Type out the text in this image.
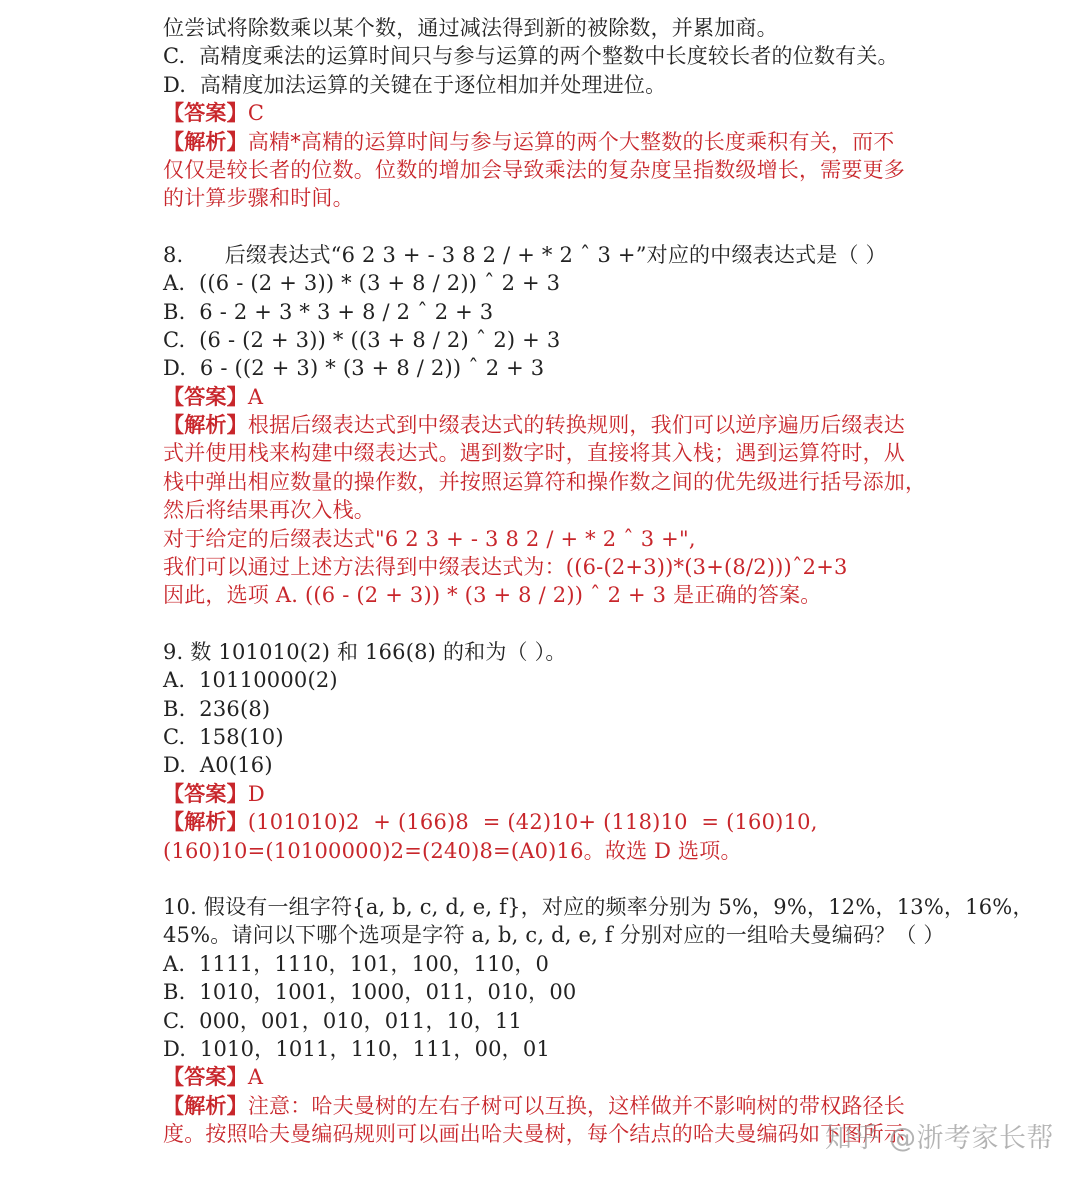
位尝试将除数乘以某个数，通过减法得到新的被除数，并累加商。
C.  高精度乘法的运算时间只与参与运算的两个整数中长度较长者的位数有关。
D.  高精度加法运算的关键在于逐位相加并处理进位。
【答案】C
【解析】高精*高精的运算时间与参与运算的两个大整数的长度乘积有关，而不
仅仅是较长者的位数。位数的增加会导致乘法的复杂度呈指数级增长，需要更多
的计算步骤和时间。
8.      后缀表达式“6 2 3 + - 3 8 2 / + * 2 ˆ 3 +”对应的中缀表达式是（ ）
A.  ((6 - (2 + 3)) * (3 + 8 / 2)) ˆ 2 + 3
B.  6 - 2 + 3 * 3 + 8 / 2 ˆ 2 + 3
C.  (6 - (2 + 3)) * ((3 + 8 / 2) ˆ 2) + 3
D.  6 - ((2 + 3) * (3 + 8 / 2)) ˆ 2 + 3
【答案】A
【解析】根据后缀表达式到中缀表达式的转换规则，我们可以逆序遍历后缀表达
式并使用栈来构建中缀表达式。遇到数字时，直接将其入栈；遇到运算符时，从
栈中弹出相应数量的操作数，并按照运算符和操作数之间的优先级进行括号添加，
然后将结果再次入栈。
对于给定的后缀表达式"6 2 3 + - 3 8 2 / + * 2 ˆ 3 +",
我们可以通过上述方法得到中缀表达式为：((6-(2+3))*(3+(8/2)))ˆ2+3
因此，选项 A. ((6 - (2 + 3)) * (3 + 8 / 2)) ˆ 2 + 3 是正确的答案。
9. 数 101010(2) 和 166(8) 的和为（ ）。
A.  10110000(2)
B.  236(8)
C.  158(10)
D.  A0(16)
【答案】D
【解析】(101010)2  + (166)8  = (42)10+ (118)10  = (160)10,
(160)10=(10100000)2=(240)8=(A0)16。故选 D 选项。
10. 假设有一组字符{a, b, c, d, e, f}，对应的频率分别为 5%，9%，12%，13%，16%，
45%。请问以下哪个选项是字符 a, b, c, d, e, f 分别对应的一组哈夫曼编码？（ ）
A.  1111，1110，101，100，110，0
B.  1010，1001，1000，011，010，00
C.  000，001，010，011，10，11
D.  1010，1011，110，111，00，01
【答案】A
【解析】注意：哈夫曼树的左右子树可以互换，这样做并不影响树的带权路径长
度。按照哈夫曼编码规则可以画出哈夫曼树，每个结点的哈夫曼编码如下图所示
知乎 @浙考家长帮
